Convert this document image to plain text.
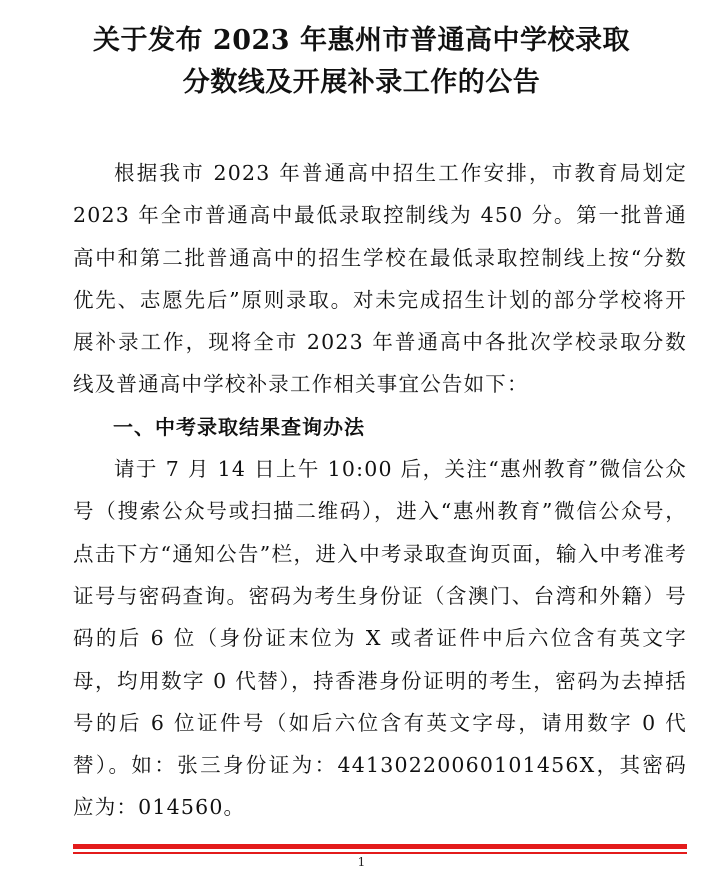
关于发布 2023 年惠州市普通高中学校录取
分数线及开展补录工作的公告

根据我市 2023 年普通高中招生工作安排，市教育局划定 2023 年全市普通高中最低录取控制线为 450 分。第一批普通高中和第二批普通高中的招生学校在最低录取控制线上按“分数优先、志愿先后”原则录取。对未完成招生计划的部分学校将开展补录工作，现将全市 2023 年普通高中各批次学校录取分数线及普通高中学校补录工作相关事宜公告如下：

一、中考录取结果查询办法

请于 7 月 14 日上午 10:00 后，关注“惠州教育”微信公众号（搜索公众号或扫描二维码），进入“惠州教育”微信公众号，点击下方“通知公告”栏，进入中考录取查询页面，输入中考准考证号与密码查询。密码为考生身份证（含澳门、台湾和外籍）号码的后 6 位（身份证末位为 X 或者证件中后六位含有英文字母，均用数字 0 代替），持香港身份证明的考生，密码为去掉括号的后 6 位证件号（如后六位含有英文字母，请用数字 0 代替）。如：张三身份证为：44130220060101456X，其密码应为：014560。

1
